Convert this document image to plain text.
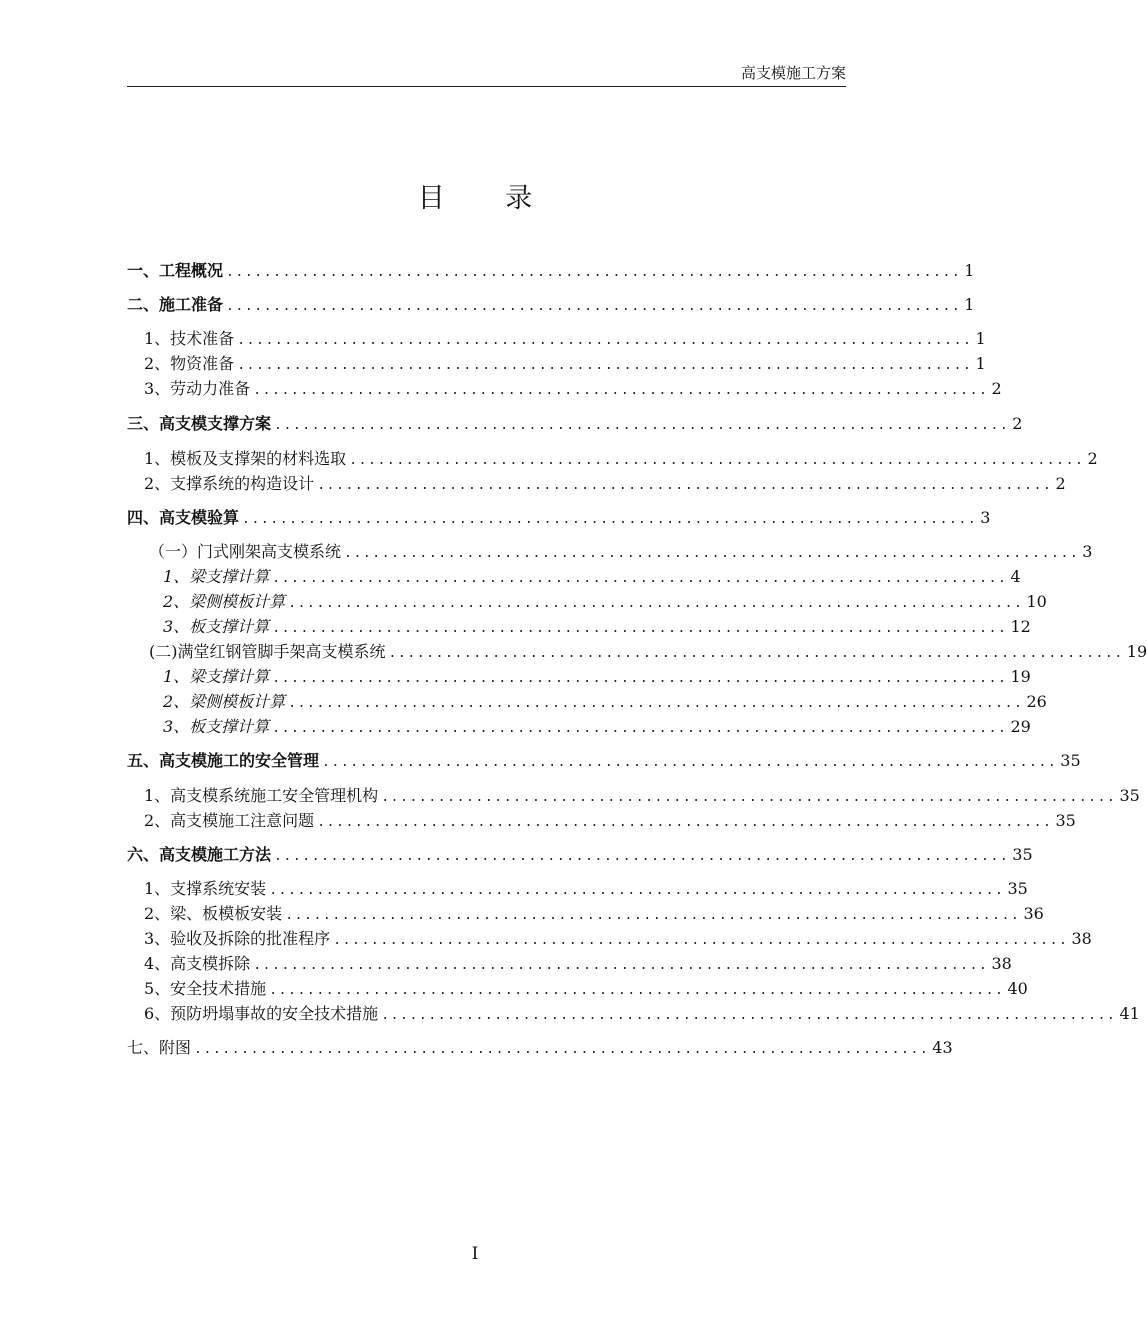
高支模施工方案
目 录
一、工程概况 .............................................................................. 1
二、施工准备 .............................................................................. 1
1、技术准备 .............................................................................. 1
2、物资准备 .............................................................................. 1
3、劳动力准备 .............................................................................. 2
三、高支模支撑方案 .............................................................................. 2
1、模板及支撑架的材料选取 .............................................................................. 2
2、支撑系统的构造设计 .............................................................................. 2
四、高支模验算 .............................................................................. 3
（一）门式刚架高支模系统 .............................................................................. 3
1、梁支撑计算 .............................................................................. 4
2、梁侧模板计算 .............................................................................. 10
3、板支撑计算 .............................................................................. 12
(二)满堂红钢管脚手架高支模系统 .............................................................................. 19
1、梁支撑计算 .............................................................................. 19
2、梁侧模板计算 .............................................................................. 26
3、板支撑计算 .............................................................................. 29
五、高支模施工的安全管理 .............................................................................. 35
1、高支模系统施工安全管理机构 .............................................................................. 35
2、高支模施工注意问题 .............................................................................. 35
六、高支模施工方法 .............................................................................. 35
1、支撑系统安装 .............................................................................. 35
2、梁、板模板安装 .............................................................................. 36
3、验收及拆除的批准程序 .............................................................................. 38
4、高支模拆除 .............................................................................. 38
5、安全技术措施 .............................................................................. 40
6、预防坍塌事故的安全技术措施 .............................................................................. 41
七、附图 .............................................................................. 43
I
